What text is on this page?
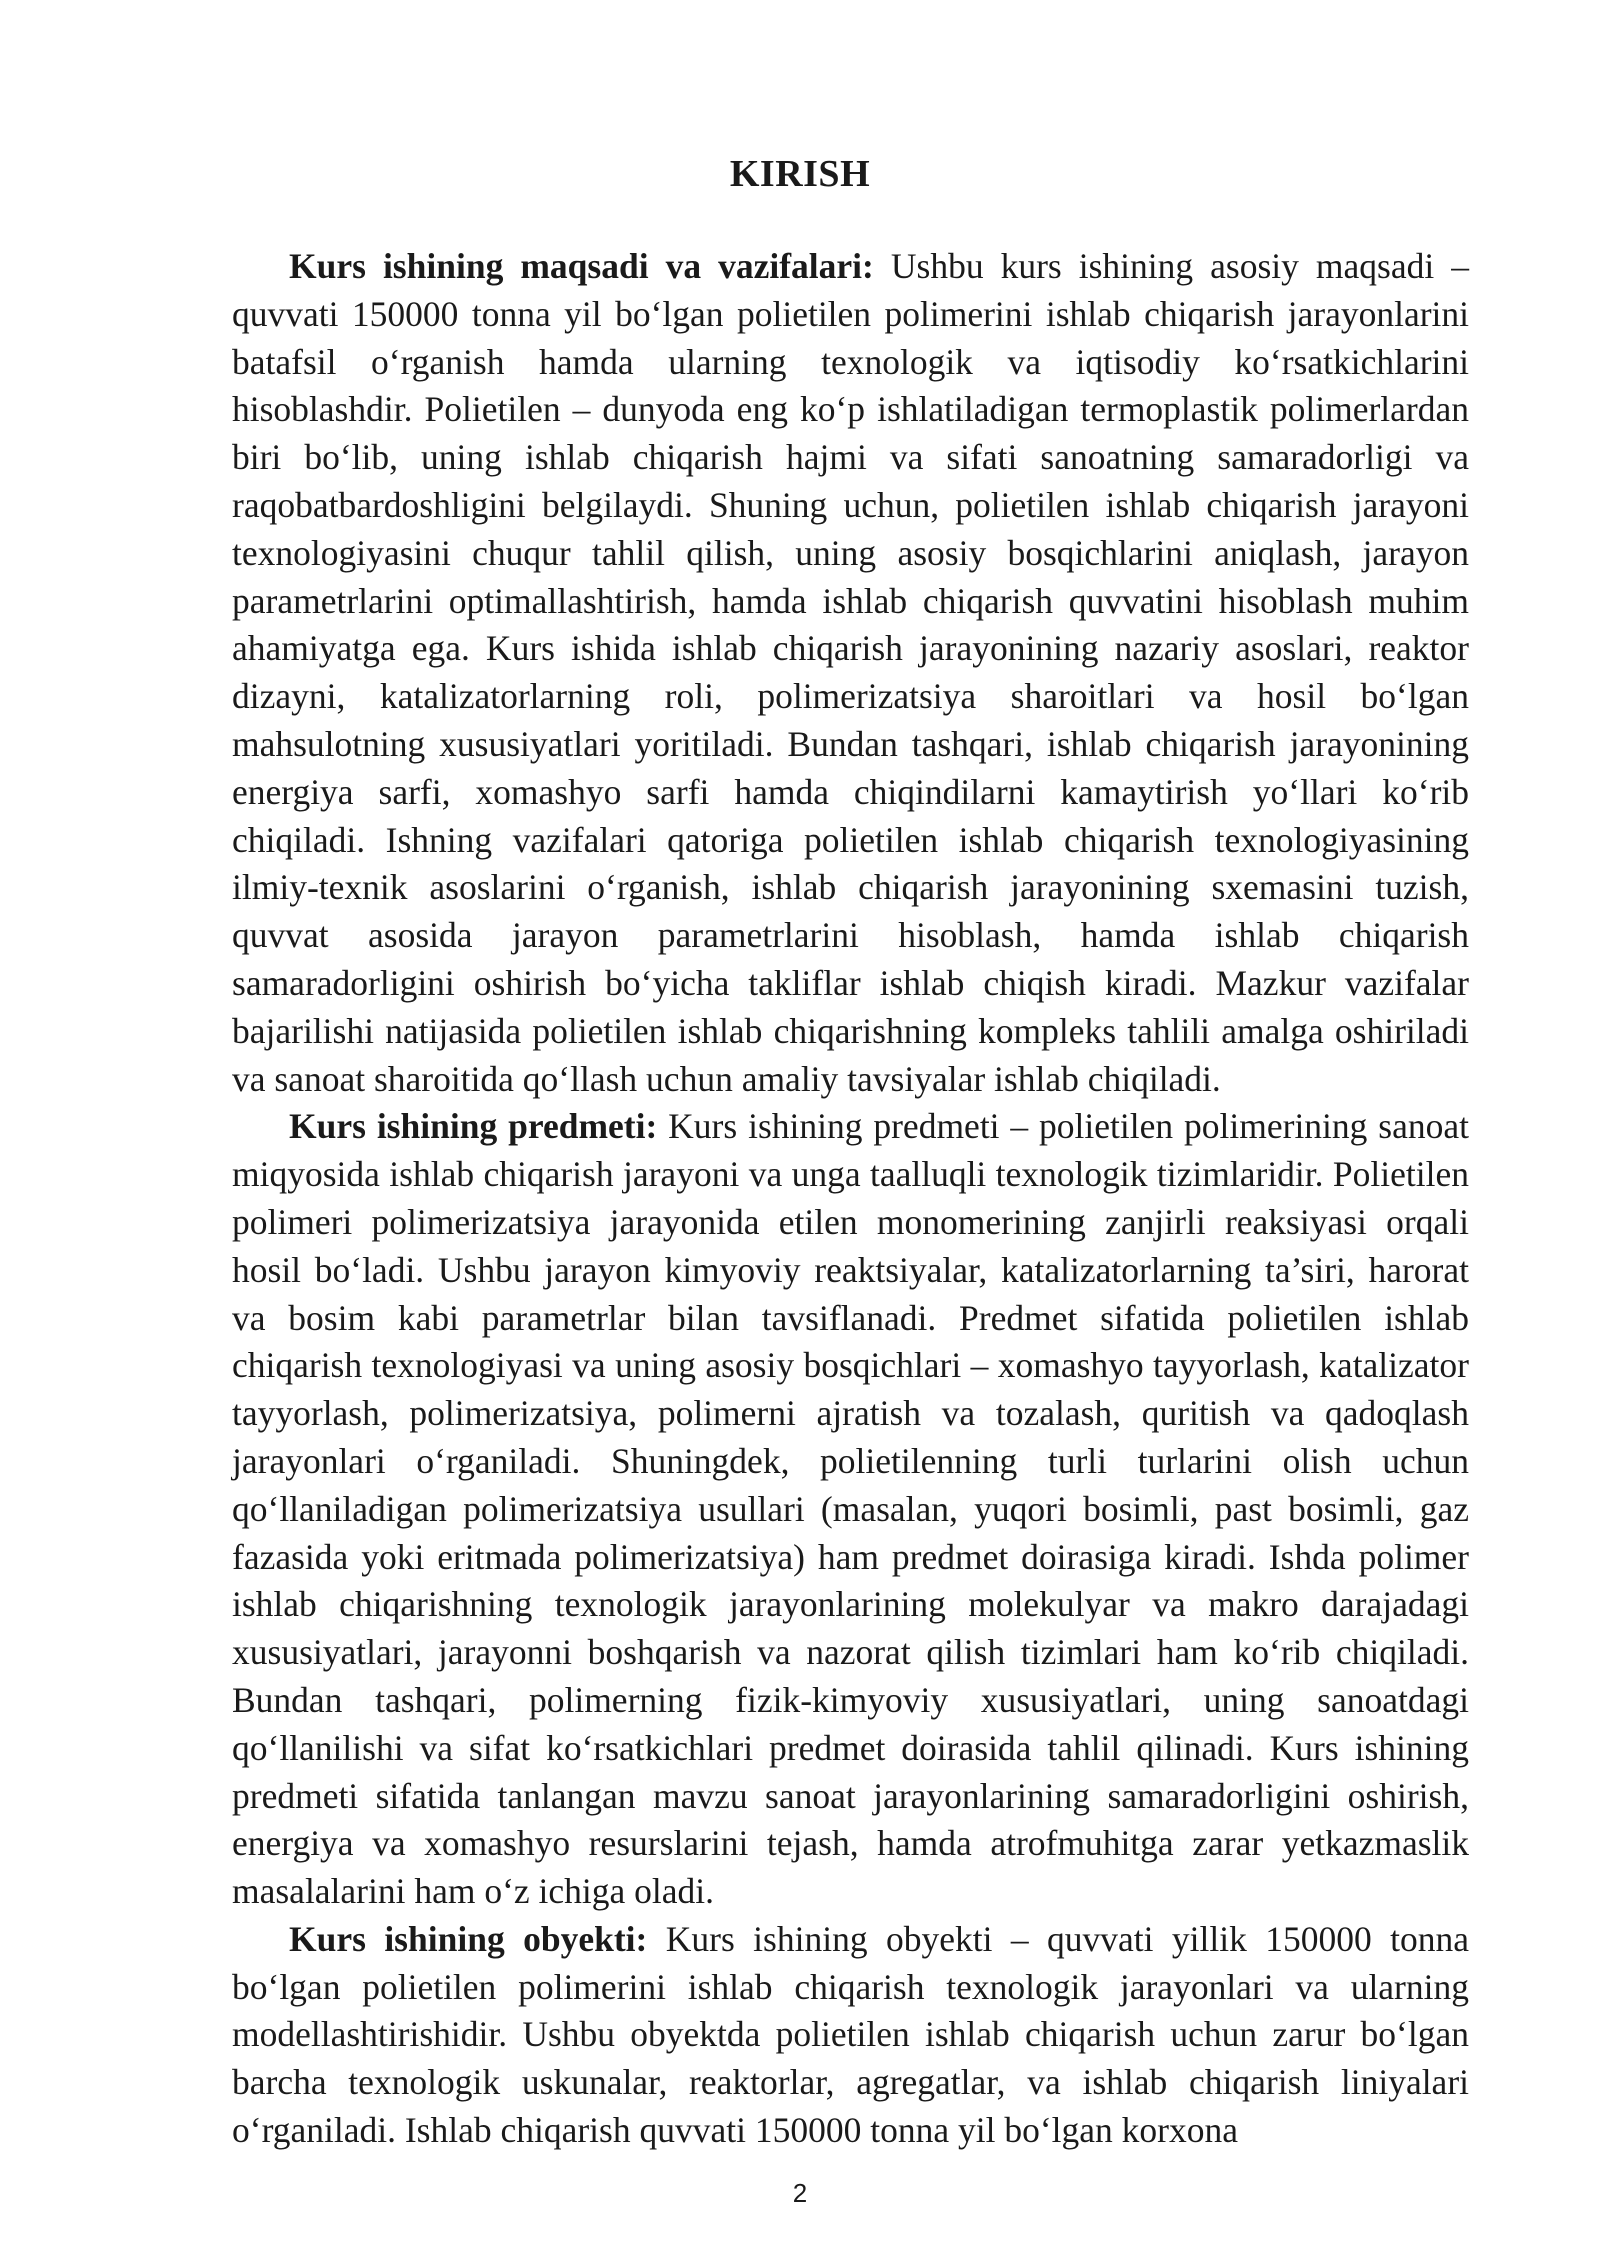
KIRISH

Kurs ishining maqsadi va vazifalari: Ushbu kurs ishining asosiy maqsadi – quvvati 150000 tonna yil bo‘lgan polietilen polimerini ishlab chiqarish jarayonlarini batafsil o‘rganish hamda ularning texnologik va iqtisodiy ko‘rsatkichlarini hisoblashdir. Polietilen – dunyoda eng ko‘p ishlatiladigan termoplastik polimerlardan biri bo‘lib, uning ishlab chiqarish hajmi va sifati sanoatning samaradorligi va raqobatbardoshligini belgilaydi. Shuning uchun, polietilen ishlab chiqarish jarayoni texnologiyasini chuqur tahlil qilish, uning asosiy bosqichlarini aniqlash, jarayon parametrlarini optimallashtirish, hamda ishlab chiqarish quvvatini hisoblash muhim ahamiyatga ega. Kurs ishida ishlab chiqarish jarayonining nazariy asoslari, reaktor dizayni, katalizatorlarning roli, polimerizatsiya sharoitlari va hosil bo‘lgan mahsulotning xususiyatlari yoritiladi. Bundan tashqari, ishlab chiqarish jarayonining energiya sarfi, xomashyo sarfi hamda chiqindilarni kamaytirish yo‘llari ko‘rib chiqiladi. Ishning vazifalari qatoriga polietilen ishlab chiqarish texnologiyasining ilmiy-texnik asoslarini o‘rganish, ishlab chiqarish jarayonining sxemasini tuzish, quvvat asosida jarayon parametrlarini hisoblash, hamda ishlab chiqarish samaradorligini oshirish bo‘yicha takliflar ishlab chiqish kiradi. Mazkur vazifalar bajarilishi natijasida polietilen ishlab chiqarishning kompleks tahlili amalga oshiriladi va sanoat sharoitida qo‘llash uchun amaliy tavsiyalar ishlab chiqiladi.

Kurs ishining predmeti: Kurs ishining predmeti – polietilen polimerining sanoat miqyosida ishlab chiqarish jarayoni va unga taalluqli texnologik tizimlaridir. Polietilen polimeri polimerizatsiya jarayonida etilen monomerining zanjirli reaksiyasi orqali hosil bo‘ladi. Ushbu jarayon kimyoviy reaktsiyalar, katalizatorlarning ta’siri, harorat va bosim kabi parametrlar bilan tavsiflanadi. Predmet sifatida polietilen ishlab chiqarish texnologiyasi va uning asosiy bosqichlari – xomashyo tayyorlash, katalizator tayyorlash, polimerizatsiya, polimerni ajratish va tozalash, quritish va qadoqlash jarayonlari o‘rganiladi. Shuningdek, polietilenning turli turlarini olish uchun qo‘llaniladigan polimerizatsiya usullari (masalan, yuqori bosimli, past bosimli, gaz fazasida yoki eritmada polimerizatsiya) ham predmet doirasiga kiradi. Ishda polimer ishlab chiqarishning texnologik jarayonlarining molekulyar va makro darajadagi xususiyatlari, jarayonni boshqarish va nazorat qilish tizimlari ham ko‘rib chiqiladi. Bundan tashqari, polimerning fizik-kimyoviy xususiyatlari, uning sanoatdagi qo‘llanilishi va sifat ko‘rsatkichlari predmet doirasida tahlil qilinadi. Kurs ishining predmeti sifatida tanlangan mavzu sanoat jarayonlarining samaradorligini oshirish, energiya va xomashyo resurslarini tejash, hamda atrofmuhitga zarar yetkazmaslik masalalarini ham o‘z ichiga oladi.

Kurs ishining obyekti: Kurs ishining obyekti – quvvati yillik 150000 tonna bo‘lgan polietilen polimerini ishlab chiqarish texnologik jarayonlari va ularning modellashtirishidir. Ushbu obyektda polietilen ishlab chiqarish uchun zarur bo‘lgan barcha texnologik uskunalar, reaktorlar, agregatlar, va ishlab chiqarish liniyalari o‘rganiladi. Ishlab chiqarish quvvati 150000 tonna yil bo‘lgan korxona

2
